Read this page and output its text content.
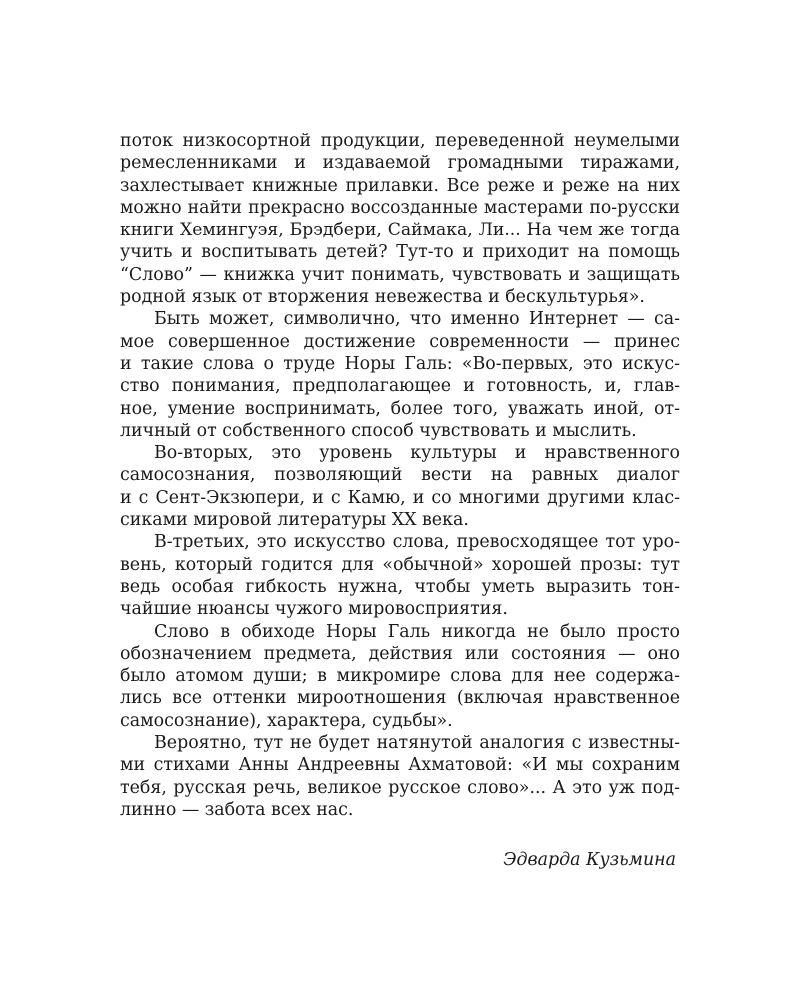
поток низкосортной продукции, переведенной неумелыми
ремесленниками и издаваемой громадными тиражами,
захлестывает книжные прилавки. Все реже и реже на них
можно найти прекрасно воссозданные мастерами по-русски
книги Хемингуэя, Брэдбери, Саймака, Ли... На чем же тогда
учить и воспитывать детей? Тут-то и приходит на помощь
“Слово” — книжка учит понимать, чувствовать и защищать
родной язык от вторжения невежества и бескультурья».
Быть может, символично, что именно Интернет — са-
мое совершенное достижение современности — принес
и такие слова о труде Норы Галь: «Во-первых, это искус-
ство понимания, предполагающее и готовность, и, глав-
ное, умение воспринимать, более того, уважать иной, от-
личный от собственного способ чувствовать и мыслить.
Во-вторых, это уровень культуры и нравственного
самосознания, позволяющий вести на равных диалог
и с Сент-Экзюпери, и с Камю, и со многими другими клас-
сиками мировой литературы XX века.
В-третьих, это искусство слова, превосходящее тот уро-
вень, который годится для «обычной» хорошей прозы: тут
ведь особая гибкость нужна, чтобы уметь выразить тон-
чайшие нюансы чужого мировосприятия.
Слово в обиходе Норы Галь никогда не было просто
обозначением предмета, действия или состояния — оно
было атомом души; в микромире слова для нее содержа-
лись все оттенки мироотношения (включая нравственное
самосознание), характера, судьбы».
Вероятно, тут не будет натянутой аналогия с известны-
ми стихами Анны Андреевны Ахматовой: «И мы сохраним
тебя, русская речь, великое русское слово»... А это уж под-
линно — забота всех нас.
Эдварда Кузьмина
